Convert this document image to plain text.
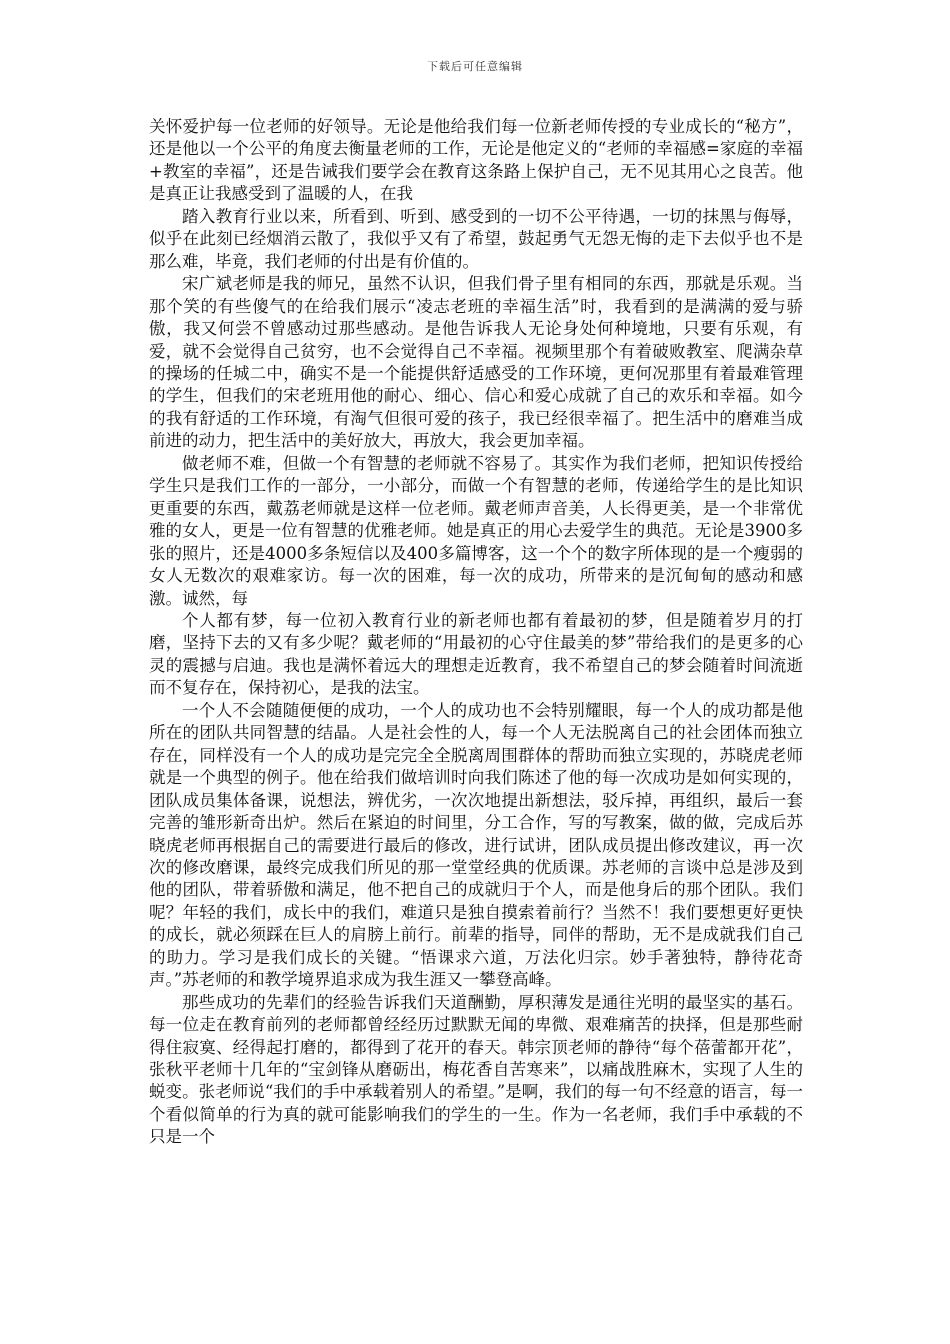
下载后可任意编辑

关怀爱护每一位老师的好领导。无论是他给我们每一位新老师传授的专业成长的“秘方”，还是他以一个公平的角度去衡量老师的工作，无论是他定义的“老师的幸福感=家庭的幸福+教室的幸福”，还是告诫我们要学会在教育这条路上保护自己，无不见其用心之良苦。他是真正让我感受到了温暖的人，在我

踏入教育行业以来，所看到、听到、感受到的一切不公平待遇，一切的抹黑与侮辱，似乎在此刻已经烟消云散了，我似乎又有了希望，鼓起勇气无怨无悔的走下去似乎也不是那么难，毕竟，我们老师的付出是有价值的。

宋广斌老师是我的师兄，虽然不认识，但我们骨子里有相同的东西，那就是乐观。当那个笑的有些傻气的在给我们展示“凌志老班的幸福生活”时，我看到的是满满的爱与骄傲，我又何尝不曾感动过那些感动。是他告诉我人无论身处何种境地，只要有乐观，有爱，就不会觉得自己贫穷，也不会觉得自己不幸福。视频里那个有着破败教室、爬满杂草的操场的任城二中，确实不是一个能提供舒适感受的工作环境，更何况那里有着最难管理的学生，但我们的宋老班用他的耐心、细心、信心和爱心成就了自己的欢乐和幸福。如今的我有舒适的工作环境，有淘气但很可爱的孩子，我已经很幸福了。把生活中的磨难当成前进的动力，把生活中的美好放大，再放大，我会更加幸福。

做老师不难，但做一个有智慧的老师就不容易了。其实作为我们老师，把知识传授给学生只是我们工作的一部分，一小部分，而做一个有智慧的老师，传递给学生的是比知识更重要的东西，戴荔老师就是这样一位老师。戴老师声音美，人长得更美，是一个非常优雅的女人，更是一位有智慧的优雅老师。她是真正的用心去爱学生的典范。无论是3900多张的照片，还是4000多条短信以及400多篇博客，这一个个的数字所体现的是一个瘦弱的女人无数次的艰难家访。每一次的困难，每一次的成功，所带来的是沉甸甸的感动和感激。诚然，每

个人都有梦，每一位初入教育行业的新老师也都有着最初的梦，但是随着岁月的打磨，坚持下去的又有多少呢？戴老师的“用最初的心守住最美的梦”带给我们的是更多的心灵的震撼与启迪。我也是满怀着远大的理想走近教育，我不希望自己的梦会随着时间流逝而不复存在，保持初心，是我的法宝。

一个人不会随随便便的成功，一个人的成功也不会特别耀眼，每一个人的成功都是他所在的团队共同智慧的结晶。人是社会性的人，每一个人无法脱离自己的社会团体而独立存在，同样没有一个人的成功是完完全全脱离周围群体的帮助而独立实现的，苏晓虎老师就是一个典型的例子。他在给我们做培训时向我们陈述了他的每一次成功是如何实现的，团队成员集体备课，说想法，辨优劣，一次次地提出新想法，驳斥掉，再组织，最后一套完善的雏形新奇出炉。然后在紧迫的时间里，分工合作，写的写教案，做的做，完成后苏晓虎老师再根据自己的需要进行最后的修改，进行试讲，团队成员提出修改建议，再一次次的修改磨课，最终完成我们所见的那一堂堂经典的优质课。苏老师的言谈中总是涉及到他的团队，带着骄傲和满足，他不把自己的成就归于个人，而是他身后的那个团队。我们呢？年轻的我们，成长中的我们，难道只是独自摸索着前行？当然不！我们要想更好更快的成长，就必须踩在巨人的肩膀上前行。前辈的指导，同伴的帮助，无不是成就我们自己的助力。学习是我们成长的关键。“悟课求六道，万法化归宗。妙手著独特，静待花奇声。”苏老师的和教学境界追求成为我生涯又一攀登高峰。

那些成功的先辈们的经验告诉我们天道酬勤，厚积薄发是通往光明的最坚实的基石。每一位走在教育前列的老师都曾经经历过默默无闻的卑微、艰难痛苦的抉择，但是那些耐得住寂寞、经得起打磨的，都得到了花开的春天。韩宗顶老师的静待“每个蓓蕾都开花”，张秋平老师十几年的“宝剑锋从磨砺出，梅花香自苦寒来”，以痛战胜麻木，实现了人生的蜕变。张老师说“我们的手中承载着别人的希望。”是啊，我们的每一句不经意的语言，每一个看似简单的行为真的就可能影响我们的学生的一生。作为一名老师，我们手中承载的不只是一个
